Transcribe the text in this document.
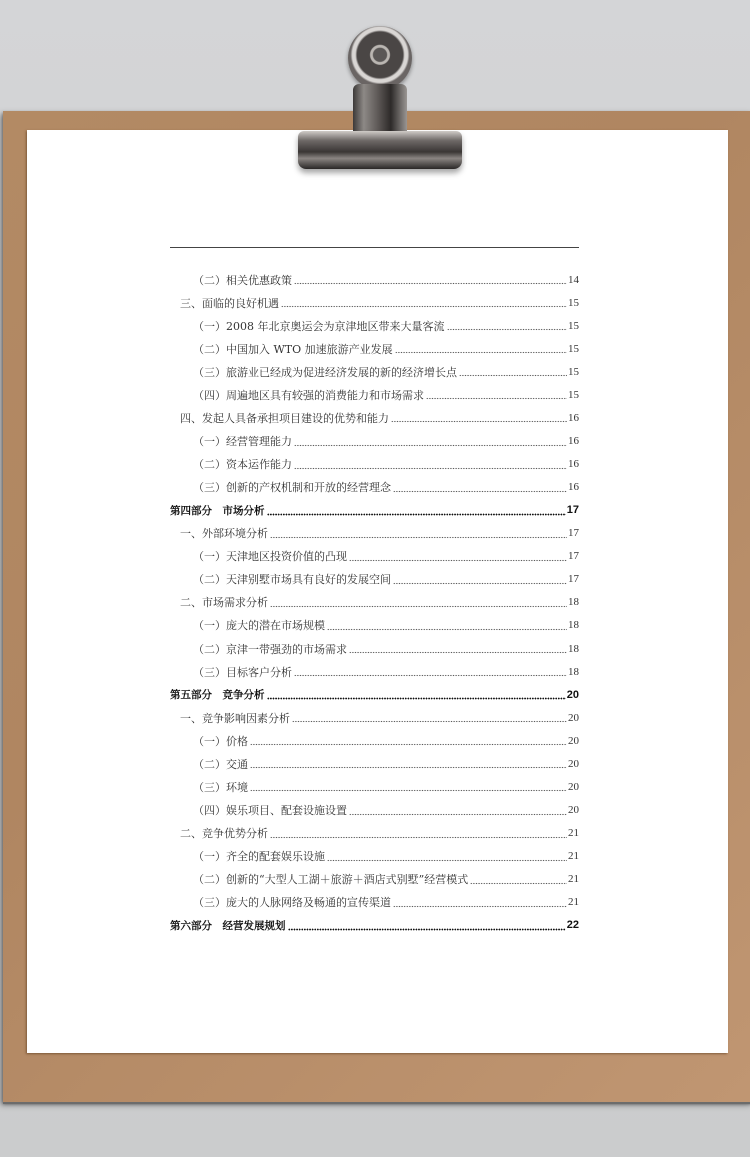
（二）相关优惠政策	14
三、面临的良好机遇	15
（一）2008 年北京奥运会为京津地区带来大量客流	15
（二）中国加入 WTO 加速旅游产业发展	15
（三）旅游业已经成为促进经济发展的新的经济增长点	15
（四）周遍地区具有较强的消费能力和市场需求	15
四、发起人具备承担项目建设的优势和能力	16
（一）经营管理能力	16
（二）资本运作能力	16
（三）创新的产权机制和开放的经营理念	16
第四部分　市场分析	17
一、外部环境分析	17
（一）天津地区投资价值的凸现	17
（二）天津别墅市场具有良好的发展空间	17
二、市场需求分析	18
（一）庞大的潜在市场规模	18
（二）京津一带强劲的市场需求	18
（三）目标客户分析	18
第五部分　竞争分析	20
一、竞争影响因素分析	20
（一）价格	20
（二）交通	20
（三）环境	20
（四）娱乐项目、配套设施设置	20
二、竞争优势分析	21
（一）齐全的配套娱乐设施	21
（二）创新的“大型人工湖＋旅游＋酒店式别墅”经营模式	21
（三）庞大的人脉网络及畅通的宣传渠道	21
第六部分　经营发展规划	22
